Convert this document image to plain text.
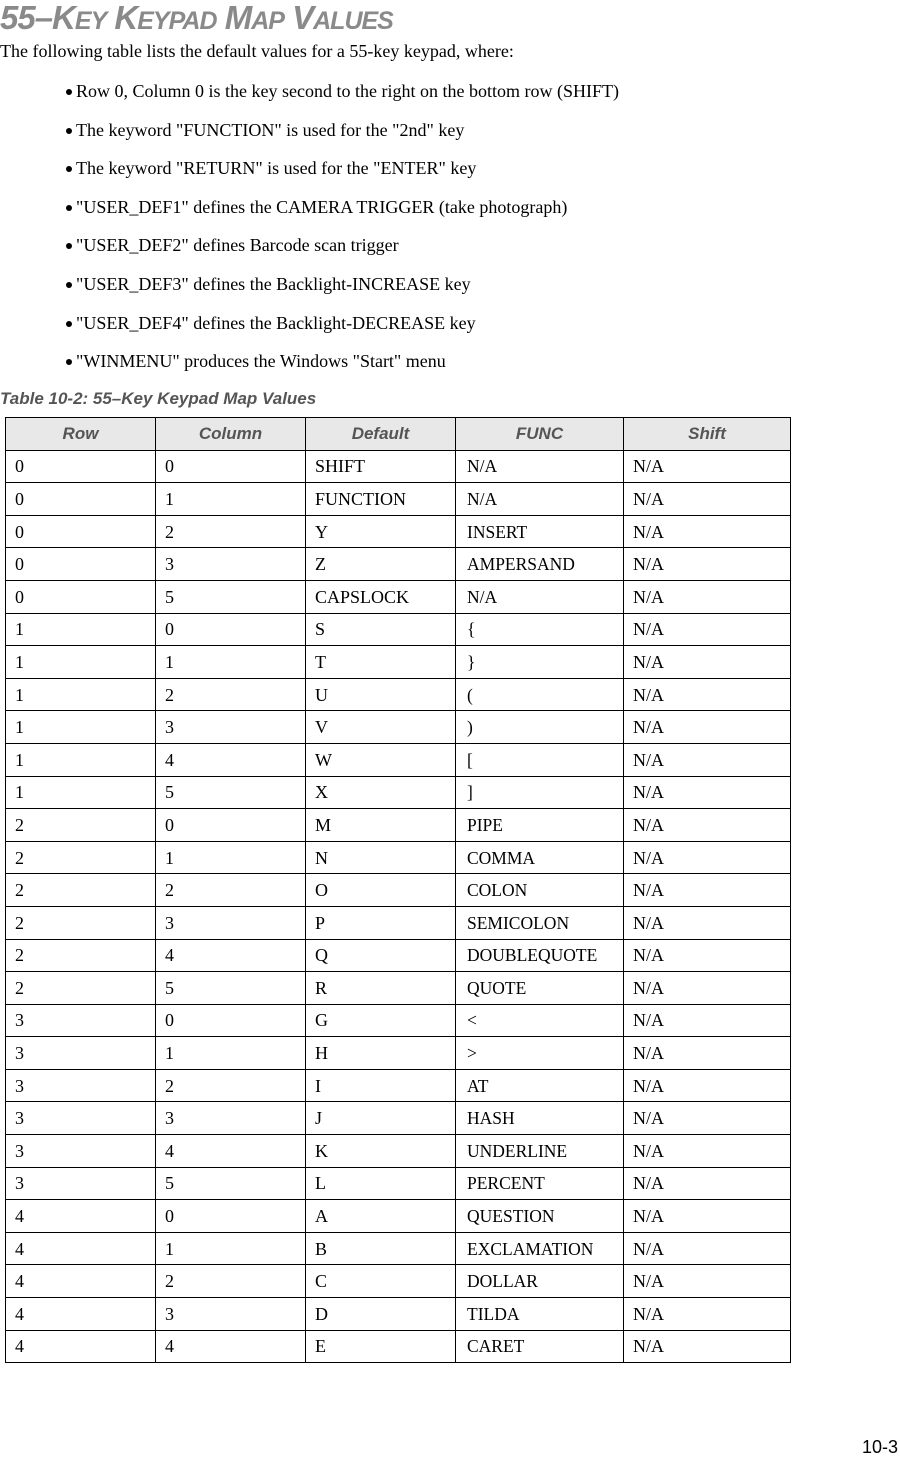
55–KEY KEYPAD MAP VALUES
The following table lists the default values for a 55-key keypad, where:
Row 0, Column 0 is the key second to the right on the bottom row (SHIFT)
The keyword "FUNCTION" is used for the "2nd" key
The keyword "RETURN" is used for the "ENTER" key
"USER_DEF1" defines the CAMERA TRIGGER (take photograph)
"USER_DEF2" defines Barcode scan trigger
"USER_DEF3" defines the Backlight-INCREASE key
"USER_DEF4" defines the Backlight-DECREASE key
"WINMENU" produces the Windows "Start" menu
Table 10-2: 55–Key Keypad Map Values
Row	Column	Default	FUNC	Shift
0	0	SHIFT	N/A	N/A
0	1	FUNCTION	N/A	N/A
0	2	Y	INSERT	N/A
0	3	Z	AMPERSAND	N/A
0	5	CAPSLOCK	N/A	N/A
1	0	S	{	N/A
1	1	T	}	N/A
1	2	U	(	N/A
1	3	V	)	N/A
1	4	W	[	N/A
1	5	X	]	N/A
2	0	M	PIPE	N/A
2	1	N	COMMA	N/A
2	2	O	COLON	N/A
2	3	P	SEMICOLON	N/A
2	4	Q	DOUBLEQUOTE	N/A
2	5	R	QUOTE	N/A
3	0	G	<	N/A
3	1	H	>	N/A
3	2	I	AT	N/A
3	3	J	HASH	N/A
3	4	K	UNDERLINE	N/A
3	5	L	PERCENT	N/A
4	0	A	QUESTION	N/A
4	1	B	EXCLAMATION	N/A
4	2	C	DOLLAR	N/A
4	3	D	TILDA	N/A
4	4	E	CARET	N/A
10-3
